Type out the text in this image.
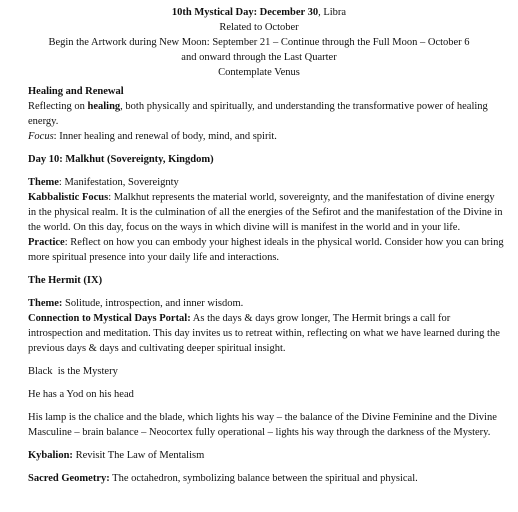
10th Mystical Day: December 30, Libra
Related to October
Begin the Artwork during New Moon: September 21 – Continue through the Full Moon – October 6
and onward through the Last Quarter
Contemplate Venus

Healing and Renewal

Reflecting on healing, both physically and spiritually, and understanding the transformative power of healing energy.

Focus: Inner healing and renewal of body, mind, and spirit.

Day 10: Malkhut (Sovereignty, Kingdom)

Theme: Manifestation, Sovereignty

Kabbalistic Focus: Malkhut represents the material world, sovereignty, and the manifestation of divine energy in the physical realm. It is the culmination of all the energies of the Sefirot and the manifestation of the Divine in the world. On this day, focus on the ways in which divine will is manifest in the world and in your life.

Practice: Reflect on how you can embody your highest ideals in the physical world. Consider how you can bring more spiritual presence into your daily life and interactions.

The Hermit (IX)

Theme: Solitude, introspection, and inner wisdom.

Connection to Mystical Days Portal: As the days & days grow longer, The Hermit brings a call for introspection and meditation. This day invites us to retreat within, reflecting on what we have learned during the previous days & days and cultivating deeper spiritual insight.

Black  is the Mystery

He has a Yod on his head

His lamp is the chalice and the blade, which lights his way – the balance of the Divine Feminine and the Divine Masculine – brain balance – Neocortex fully operational – lights his way through the darkness of the Mystery.

Kybalion: Revisit The Law of Mentalism

Sacred Geometry: The octahedron, symbolizing balance between the spiritual and physical.
